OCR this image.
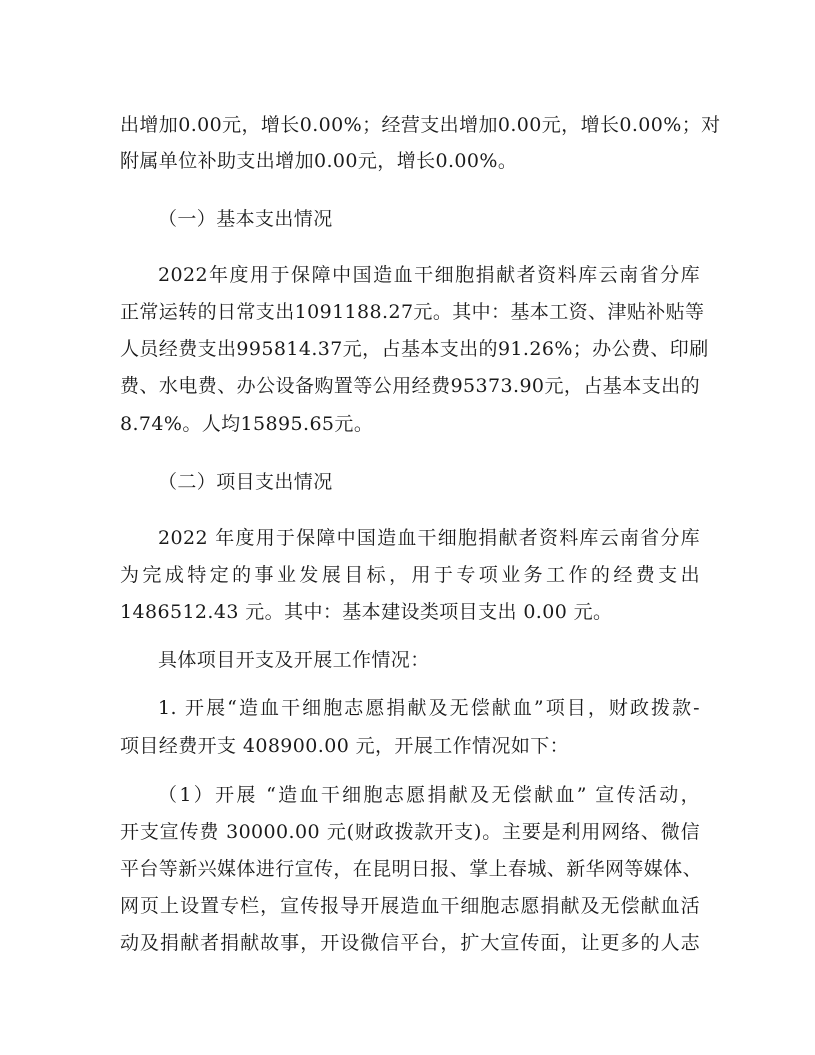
出增加0.00元，增长0.00%；经营支出增加0.00元，增长0.00%；对
附属单位补助支出增加0.00元，增长0.00%。
（一）基本支出情况
2022年度用于保障中国造血干细胞捐献者资料库云南省分库
正常运转的日常支出1091188.27元。其中：基本工资、津贴补贴等
人员经费支出995814.37元，占基本支出的91.26%；办公费、印刷
费、水电费、办公设备购置等公用经费95373.90元，占基本支出的
8.74%。人均15895.65元。
（二）项目支出情况
2022 年度用于保障中国造血干细胞捐献者资料库云南省分库
为完成特定的事业发展目标，用于专项业务工作的经费支出
1486512.43 元。其中：基本建设类项目支出 0.00 元。
具体项目开支及开展工作情况：
1. 开展“造血干细胞志愿捐献及无偿献血”项目，财政拨款-
项目经费开支 408900.00 元，开展工作情况如下：
（1）开展 “造血干细胞志愿捐献及无偿献血” 宣传活动，
开支宣传费 30000.00 元(财政拨款开支)。主要是利用网络、微信
平台等新兴媒体进行宣传，在昆明日报、掌上春城、新华网等媒体、
网页上设置专栏，宣传报导开展造血干细胞志愿捐献及无偿献血活
动及捐献者捐献故事，开设微信平台，扩大宣传面，让更多的人志
